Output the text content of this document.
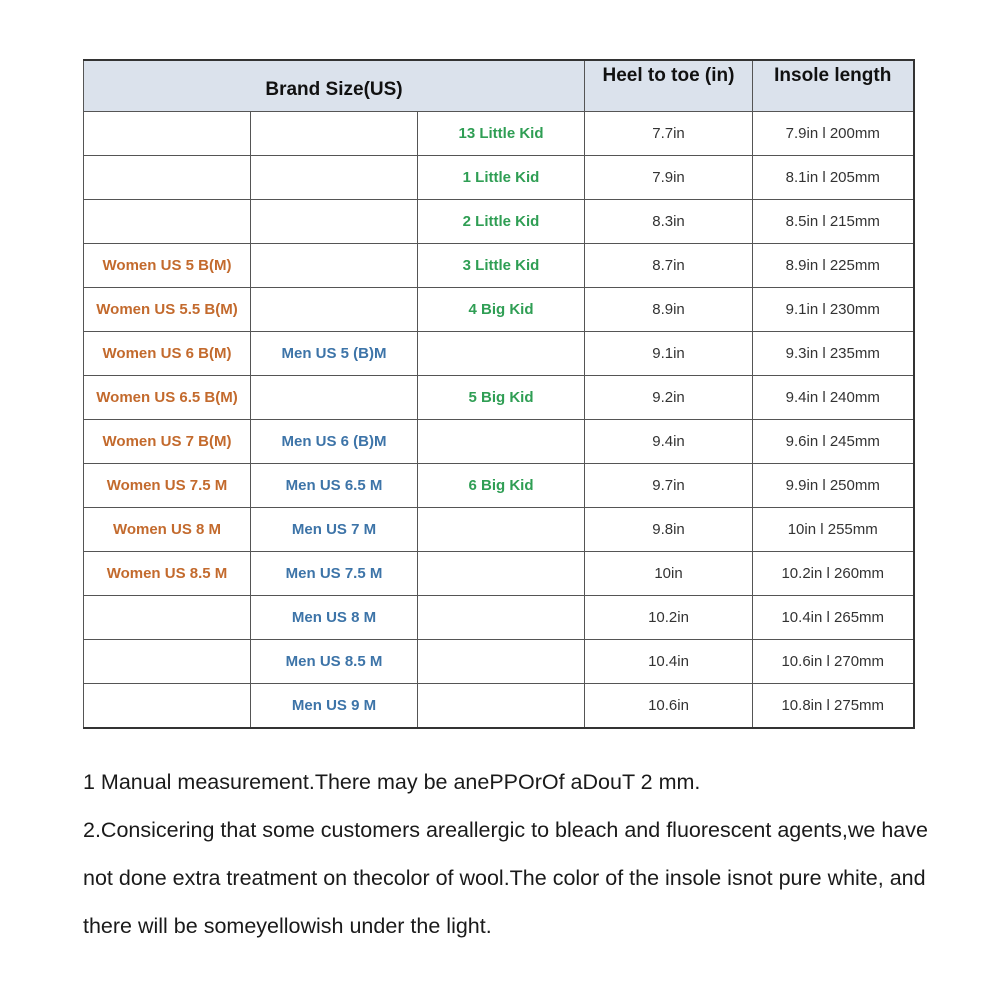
Brand Size(US)			Heel to toe (in)	Insole length
		13 Little Kid	7.7in	7.9in l 200mm
		1 Little Kid	7.9in	8.1in l 205mm
		2 Little Kid	8.3in	8.5in l 215mm
Women US 5 B(M)		3 Little Kid	8.7in	8.9in l 225mm
Women US 5.5 B(M)		4 Big Kid	8.9in	9.1in l 230mm
Women US 6 B(M)	Men US 5 (B)M		9.1in	9.3in l 235mm
Women US 6.5 B(M)		5 Big Kid	9.2in	9.4in l 240mm
Women US 7 B(M)	Men US 6 (B)M		9.4in	9.6in l 245mm
Women US 7.5 M	Men US 6.5 M	6 Big Kid	9.7in	9.9in l 250mm
Women US 8 M	Men US 7 M		9.8in	10in l 255mm
Women US 8.5 M	Men US 7.5 M		10in	10.2in l 260mm
	Men US 8 M		10.2in	10.4in l 265mm
	Men US 8.5 M		10.4in	10.6in l 270mm
	Men US 9 M		10.6in	10.8in l 275mm

1 Manual measurement.There may be anePPOrOf aDouT 2 mm.

2.Consicering that some customers areallergic to bleach and fluorescent agents,we have not done extra treatment on thecolor of wool.The color of the insole isnot pure white, and there will be someyellowish under the light.
